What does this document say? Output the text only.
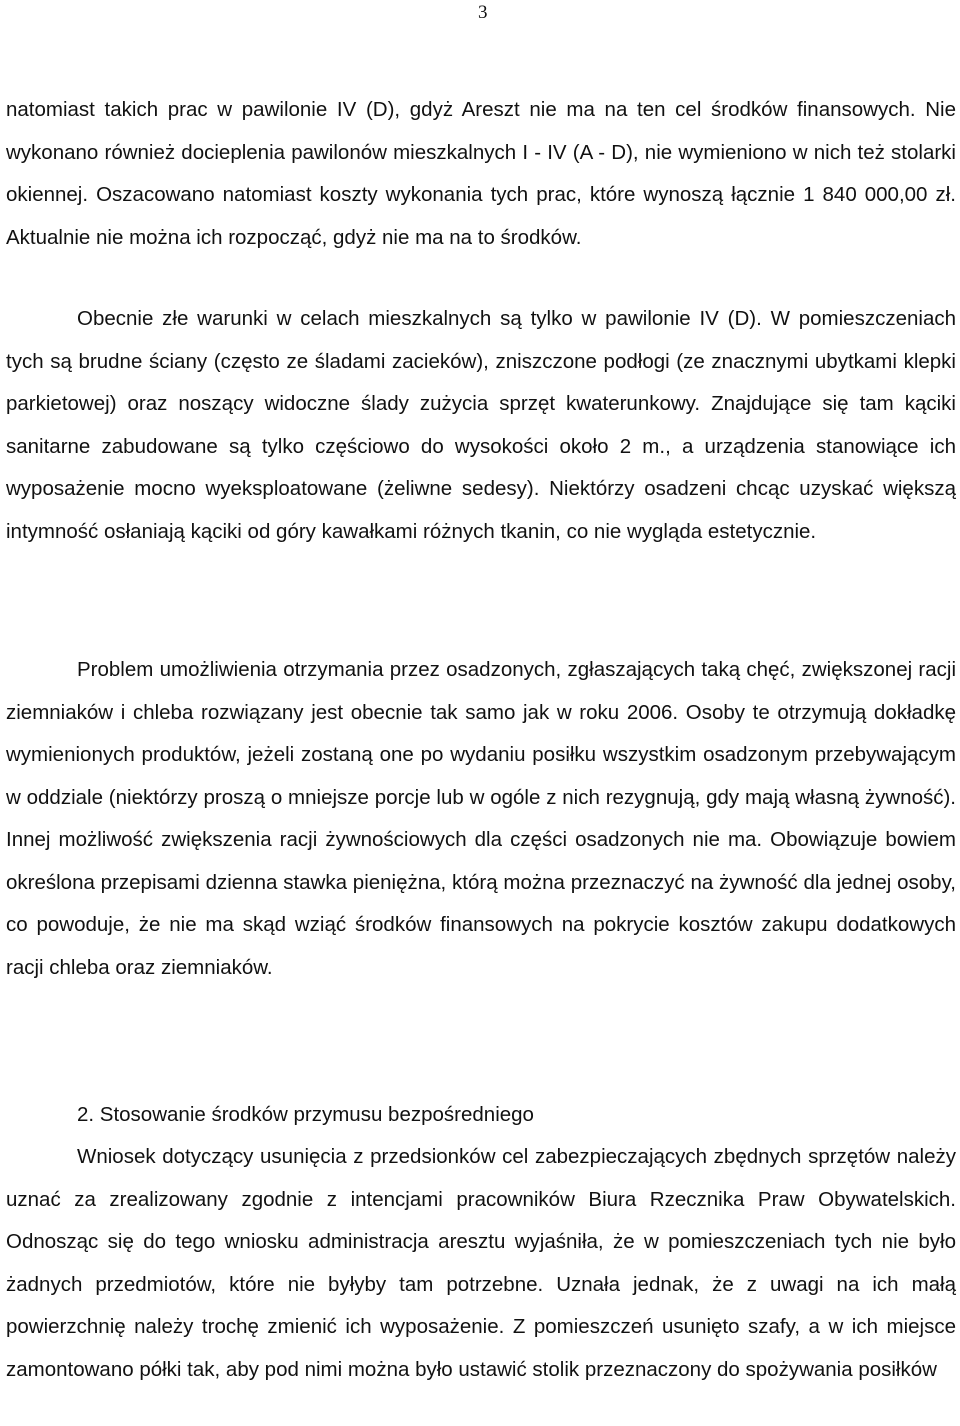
3

natomiast takich prac w pawilonie IV (D), gdyż Areszt nie ma na ten cel środków finansowych. Nie wykonano również docieplenia pawilonów mieszkalnych I - IV (A - D), nie wymieniono w nich też stolarki okiennej. Oszacowano natomiast koszty wykonania tych prac, które wynoszą łącznie 1 840 000,00 zł. Aktualnie nie można ich rozpocząć, gdyż nie ma na to środków.

Obecnie złe warunki w celach mieszkalnych są tylko w pawilonie IV (D). W pomieszczeniach tych są brudne ściany (często ze śladami zacieków), zniszczone podłogi (ze znacznymi ubytkami klepki parkietowej) oraz noszący widoczne ślady zużycia sprzęt kwaterunkowy. Znajdujące się tam kąciki sanitarne zabudowane są tylko częściowo do wysokości około 2 m., a urządzenia stanowiące ich wyposażenie mocno wyeksploatowane (żeliwne sedesy). Niektórzy osadzeni chcąc uzyskać większą intymność osłaniają kąciki od góry kawałkami różnych tkanin, co nie wygląda estetycznie.

Problem umożliwienia otrzymania przez osadzonych, zgłaszających taką chęć, zwiększonej racji ziemniaków i chleba rozwiązany jest obecnie tak samo jak w roku 2006. Osoby te otrzymują dokładkę wymienionych produktów, jeżeli zostaną one po wydaniu posiłku wszystkim osadzonym przebywającym w oddziale (niektórzy proszą o mniejsze porcje lub w ogóle z nich rezygnują, gdy mają własną żywność). Innej możliwość zwiększenia racji żywnościowych dla części osadzonych nie ma. Obowiązuje bowiem określona przepisami dzienna stawka pieniężna, którą można przeznaczyć na żywność dla jednej osoby, co powoduje, że nie ma skąd wziąć środków finansowych na pokrycie kosztów zakupu dodatkowych racji chleba oraz ziemniaków.

2. Stosowanie środków przymusu bezpośredniego

Wniosek dotyczący usunięcia z przedsionków cel zabezpieczających zbędnych sprzętów należy uznać za zrealizowany zgodnie z intencjami pracowników Biura Rzecznika Praw Obywatelskich. Odnosząc się do tego wniosku administracja aresztu wyjaśniła, że w pomieszczeniach tych nie było żadnych przedmiotów, które nie byłyby tam potrzebne. Uznała jednak, że z uwagi na ich małą powierzchnię należy trochę zmienić ich wyposażenie. Z pomieszczeń usunięto szafy, a w ich miejsce zamontowano półki tak, aby pod nimi można było ustawić stolik przeznaczony do spożywania posiłków
